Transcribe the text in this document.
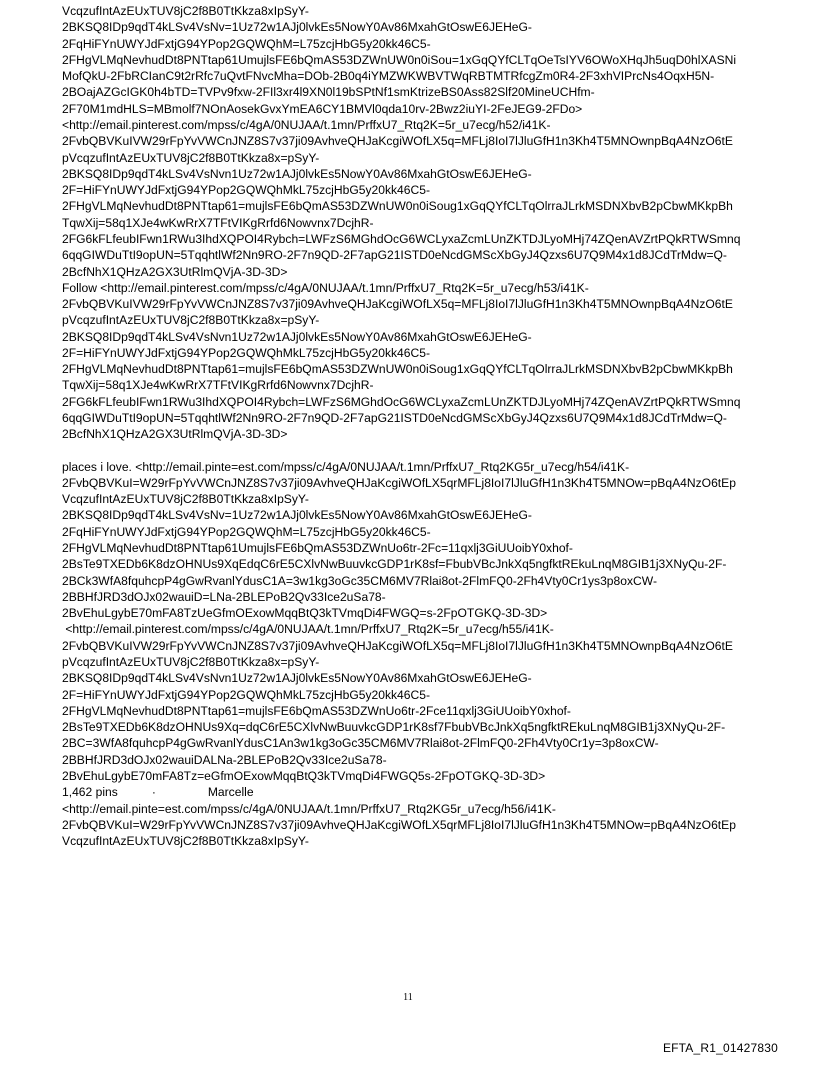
VcqzufIntAzEUxTUV8jC2f8B0TtKkza8xIpSyY-
2BKSQ8IDp9qdT4kLSv4VsNv=1Uz72w1AJj0lvkEs5NowY0Av86MxahGtOswE6JEHeG-
2FqHiFYnUWYJdFxtjG94YPop2GQWQhM=L75zcjHbG5y20kk46C5-
2FHgVLMqNevhudDt8PNTtap61UmujlsFE6bQmAS53DZWnUW0n0iSou=1xGqQYfCLTqOeTsIYV6OWoXHqJh5uqD0hlXASNi
MofQkU-2FbRCIanC9t2rRfc7uQvtFNvcMha=DOb-2B0q4iYMZWKWBVTWqRBTMTRfcgZm0R4-2F3xhVIPrcNs4OqxH5N-
2BOajAZGcIGK0h4bTD=TVPv9fxw-2FIl3xr4l9XN0l19bSPtNf1smKtrizeBS0Ass82Slf20MineUCHfm-
2F70M1mdHLS=MBmolf7NOnAosekGvxYmEA6CY1BMVl0qda10rv-2Bwz2iuYI-2FeJEG9-2FDo>
<http://email.pinterest.com/mpss/c/4gA/0NUJAA/t.1mn/PrffxU7_Rtq2K=5r_u7ecg/h52/i41K-
2FvbQBVKuIVW29rFpYvVWCnJNZ8S7v37ji09AvhveQHJaKcgiWOfLX5q=MFLj8IoI7lJluGfH1n3Kh4T5MNOwnpBqA4NzO6tE
pVcqzufIntAzEUxTUV8jC2f8B0TtKkza8x=pSyY-
2BKSQ8IDp9qdT4kLSv4VsNvn1Uz72w1AJj0lvkEs5NowY0Av86MxahGtOswE6JEHeG-
2F=HiFYnUWYJdFxtjG94YPop2GQWQhMkL75zcjHbG5y20kk46C5-
2FHgVLMqNevhudDt8PNTtap61=mujlsFE6bQmAS53DZWnUW0n0iSoug1xGqQYfCLTqOlrraJLrkMSDNXbvB2pCbwMKkpBh
TqwXij=58q1XJe4wKwRrX7TFtVIKgRrfd6Nowvnx7DcjhR-
2FG6kFLfeubIFwn1RWu3IhdXQPOI4Rybch=LWFzS6MGhdOcG6WCLyxaZcmLUnZKTDJLyoMHj74ZQenAVZrtPQkRTWSmnq
6qqGIWDuTtI9opUN=5TqqhtlWf2Nn9RO-2F7n9QD-2F7apG21ISTD0eNcdGMScXbGyJ4Qzxs6U7Q9M4x1d8JCdTrMdw=Q-
2BcfNhX1QHzA2GX3UtRlmQVjA-3D-3D>
Follow <http://email.pinterest.com/mpss/c/4gA/0NUJAA/t.1mn/PrffxU7_Rtq2K=5r_u7ecg/h53/i41K-
2FvbQBVKuIVW29rFpYvVWCnJNZ8S7v37ji09AvhveQHJaKcgiWOfLX5q=MFLj8IoI7lJluGfH1n3Kh4T5MNOwnpBqA4NzO6tE
pVcqzufIntAzEUxTUV8jC2f8B0TtKkza8x=pSyY-
2BKSQ8IDp9qdT4kLSv4VsNvn1Uz72w1AJj0lvkEs5NowY0Av86MxahGtOswE6JEHeG-
2F=HiFYnUWYJdFxtjG94YPop2GQWQhMkL75zcjHbG5y20kk46C5-
2FHgVLMqNevhudDt8PNTtap61=mujlsFE6bQmAS53DZWnUW0n0iSoug1xGqQYfCLTqOlrraJLrkMSDNXbvB2pCbwMKkpBh
TqwXij=58q1XJe4wKwRrX7TFtVIKgRrfd6Nowvnx7DcjhR-
2FG6kFLfeubIFwn1RWu3IhdXQPOI4Rybch=LWFzS6MGhdOcG6WCLyxaZcmLUnZKTDJLyoMHj74ZQenAVZrtPQkRTWSmnq
6qqGIWDuTtI9opUN=5TqqhtlWf2Nn9RO-2F7n9QD-2F7apG21ISTD0eNcdGMScXbGyJ4Qzxs6U7Q9M4x1d8JCdTrMdw=Q-
2BcfNhX1QHzA2GX3UtRlmQVjA-3D-3D>
places i love. <http://email.pinte=est.com/mpss/c/4gA/0NUJAA/t.1mn/PrffxU7_Rtq2KG5r_u7ecg/h54/i41K-
2FvbQBVKuI=W29rFpYvVWCnJNZ8S7v37ji09AvhveQHJaKcgiWOfLX5qrMFLj8IoI7lJluGfH1n3Kh4T5MNOw=pBqA4NzO6tEp
VcqzufIntAzEUxTUV8jC2f8B0TtKkza8xIpSyY-
2BKSQ8IDp9qdT4kLSv4VsNv=1Uz72w1AJj0lvkEs5NowY0Av86MxahGtOswE6JEHeG-
2FqHiFYnUWYJdFxtjG94YPop2GQWQhM=L75zcjHbG5y20kk46C5-
2FHgVLMqNevhudDt8PNTtap61UmujlsFE6bQmAS53DZWnUo6tr-2Fc=11qxlj3GiUUoibY0xhof-
2BsTe9TXEDb6K8dzOHNUs9XqEdqC6rE5CXlvNwBuuvkcGDP1rK8sf=FbubVBcJnkXq5ngfktREkuLnqM8GIB1j3XNyQu-2F-
2BCk3WfA8fquhcpP4gGwRvanlYdusC1A=3w1kg3oGc35CM6MV7Rlai8ot-2FlmFQ0-2Fh4Vty0Cr1ys3p8oxCW-
2BBHfJRD3dOJx02wauiD=LNa-2BLEPoB2Qv33Ice2uSa78-
2BvEhuLgybE70mFA8TzUeGfmOExowMqqBtQ3kTVmqDi4FWGQ=s-2FpOTGKQ-3D-3D>
<http://email.pinterest.com/mpss/c/4gA/0NUJAA/t.1mn/PrffxU7_Rtq2K=5r_u7ecg/h55/i41K-
2FvbQBVKuIVW29rFpYvVWCnJNZ8S7v37ji09AvhveQHJaKcgiWOfLX5q=MFLj8IoI7lJluGfH1n3Kh4T5MNOwnpBqA4NzO6tE
pVcqzufIntAzEUxTUV8jC2f8B0TtKkza8x=pSyY-
2BKSQ8IDp9qdT4kLSv4VsNvn1Uz72w1AJj0lvkEs5NowY0Av86MxahGtOswE6JEHeG-
2F=HiFYnUWYJdFxtjG94YPop2GQWQhMkL75zcjHbG5y20kk46C5-
2FHgVLMqNevhudDt8PNTtap61=mujlsFE6bQmAS53DZWnUo6tr-2Fce11qxlj3GiUUoibY0xhof-
2BsTe9TXEDb6K8dzOHNUs9Xq=dqC6rE5CXlvNwBuuvkcGDP1rK8sf7FbubVBcJnkXq5ngfktREkuLnqM8GIB1j3XNyQu-2F-
2BC=3WfA8fquhcpP4gGwRvanlYdusC1An3w1kg3oGc35CM6MV7Rlai8ot-2FlmFQ0-2Fh4Vty0Cr1y=3p8oxCW-
2BBHfJRD3dOJx02wauiDALNa-2BLEPoB2Qv33Ice2uSa78-
2BvEhuLgybE70mFA8Tz=eGfmOExowMqqBtQ3kTVmqDi4FWGQ5s-2FpOTGKQ-3D-3D>
1,462 pins	·	Marcelle
<http://email.pinte=est.com/mpss/c/4gA/0NUJAA/t.1mn/PrffxU7_Rtq2KG5r_u7ecg/h56/i41K-
2FvbQBVKuI=W29rFpYvVWCnJNZ8S7v37ji09AvhveQHJaKcgiWOfLX5qrMFLj8IoI7lJluGfH1n3Kh4T5MNOw=pBqA4NzO6tEp
VcqzufIntAzEUxTUV8jC2f8B0TtKkza8xIpSyY-
11
EFTA_R1_01427830
